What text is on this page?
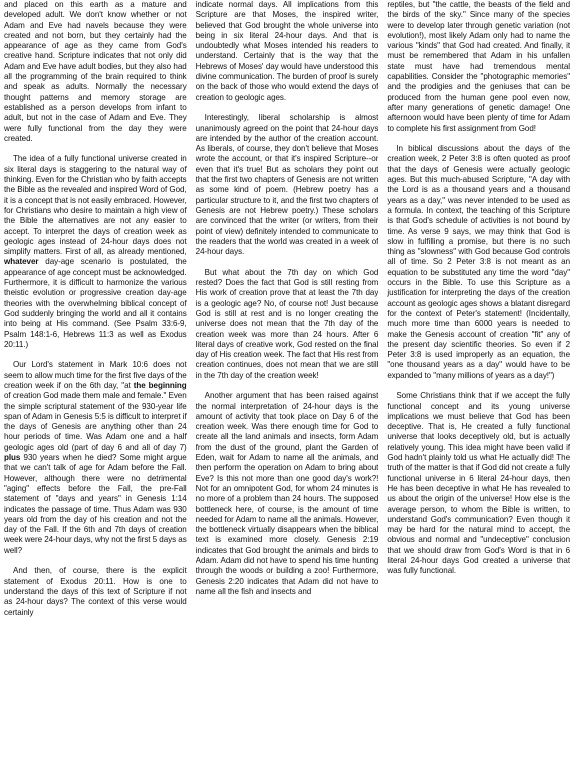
and placed on this earth as a mature and developed adult. We don't know whether or not Adam and Eve had navels because they were created and not born, but they certainly had the appearance of age as they came from God's creative hand. Scripture indicates that not only did Adam and Eve have adult bodies, but they also had all the programming of the brain required to think and speak as adults. Normally the necessary thought patterns and memory storage are established as a person develops from infant to adult, but not in the case of Adam and Eve. They were fully functional from the day they were created.

The idea of a fully functional universe created in six literal days is staggering to the natural way of thinking. Even for the Christian who by faith accepts the Bible as the revealed and inspired Word of God, it is a concept that is not easily embraced. However, for Christians who desire to maintain a high view of the Bible the alternatives are not any easier to accept. To interpret the days of creation week as geologic ages instead of 24-hour days does not simplify matters. First of all, as already mentioned, whatever day-age scenario is postulated, the appearance of age concept must be acknowledged. Furthermore, it is difficult to harmonize the various theistic evolution or progressive creation day-age theories with the overwhelming biblical concept of God suddenly bringing the world and all it contains into being at His command. (See Psalm 33:6-9, Psalm 148:1-6, Hebrews 11:3 as well as Exodus 20:11.)

Our Lord's statement in Mark 10:6 does not seem to allow much time for the first five days of the creation week if on the 6th day, "at the beginning of creation God made them male and female." Even the simple scriptural statement of the 930-year life span of Adam in Genesis 5:5 is difficult to interpret if the days of Genesis are anything other than 24 hour periods of time. Was Adam one and a half geologic ages old (part of day 6 and all of day 7) plus 930 years when he died? Some might argue that we can't talk of age for Adam before the Fall. However, although there were no detrimental "aging" effects before the Fall, the pre-Fall statement of "days and years" in Genesis 1:14 indicates the passage of time. Thus Adam was 930 years old from the day of his creation and not the day of the Fall. If the 6th and 7th days of creation week were 24-hour days, why not the first 5 days as well?

And then, of course, there is the explicit statement of Exodus 20:11. How is one to understand the days of this text of Scripture if not as 24-hour days? The context of this verse would certainly

indicate normal days. All implications from this Scripture are that Moses, the inspired writer, believed that God brought the whole universe into being in six literal 24-hour days. And that is undoubtedly what Moses intended his readers to understand. Certainly that is the way that the Hebrews of Moses' day would have understood this divine communication. The burden of proof is surely on the back of those who would extend the days of creation to geologic ages.

Interestingly, liberal scholarship is almost unanimously agreed on the point that 24-hour days are intended by the author of the creation account. As liberals, of course, they don't believe that Moses wrote the account, or that it's inspired Scripture--or even that it's true! But as scholars they point out that the first two chapters of Genesis are not written as some kind of poem. (Hebrew poetry has a particular structure to it, and the first two chapters of Genesis are not Hebrew poetry.) These scholars are convinced that the writer (or writers, from their point of view) definitely intended to communicate to the readers that the world was created in a week of 24-hour days.

But what about the 7th day on which God rested? Does the fact that God is still resting from His work of creation prove that at least the 7th day is a geologic age? No, of course not! Just because God is still at rest and is no longer creating the universe does not mean that the 7th day of the creation week was more than 24 hours. After 6 literal days of creative work, God rested on the final day of His creation week. The fact that His rest from creation continues, does not mean that we are still in the 7th day of the creation week!

Another argument that has been raised against the normal interpretation of 24-hour days is the amount of activity that took place on Day 6 of the creation week. Was there enough time for God to create all the land animals and insects, form Adam from the dust of the ground, plant the Garden of Eden, wait for Adam to name all the animals, and then perform the operation on Adam to bring about Eve? Is this not more than one good day's work?! Not for an omnipotent God, for whom 24 minutes is no more of a problem than 24 hours. The supposed bottleneck here, of course, is the amount of time needed for Adam to name all the animals. However, the bottleneck virtually disappears when the biblical text is examined more closely. Genesis 2:19 indicates that God brought the animals and birds to Adam. Adam did not have to spend his time hunting through the woods or building a zoo! Furthermore, Genesis 2:20 indicates that Adam did not have to name all the fish and insects and

reptiles, but "the cattle, the beasts of the field and the birds of the sky." Since many of the species were to develop later through genetic variation (not evolution!), most likely Adam only had to name the various "kinds" that God had created. And finally, it must be remembered that Adam in his unfallen state must have had tremendous mental capabilities. Consider the "photographic memories" and the prodigies and the geniuses that can be produced from the human gene pool even now, after many generations of genetic damage! One afternoon would have been plenty of time for Adam to complete his first assignment from God!

In biblical discussions about the days of the creation week, 2 Peter 3:8 is often quoted as proof that the days of Genesis were actually geologic ages. But this much-abused Scripture, "A day with the Lord is as a thousand years and a thousand years as a day," was never intended to be used as a formula. In context, the teaching of this Scripture is that God's schedule of activities is not bound by time. As verse 9 says, we may think that God is slow in fulfilling a promise, but there is no such thing as "slowness" with God because God controls all of time. So 2 Peter 3:8 is not meant as an equation to be substituted any time the word "day" occurs in the Bible. To use this Scripture as a justification for interpreting the days of the creation account as geologic ages shows a blatant disregard for the context of Peter's statement! (Incidentally, much more time than 6000 years is needed to make the Genesis account of creation "fit" any of the present day scientific theories. So even if 2 Peter 3:8 is used improperly as an equation, the "one thousand years as a day" would have to be expanded to "many millions of years as a day!")

Some Christians think that if we accept the fully functional concept and its young universe implications we must believe that God has been deceptive. That is, He created a fully functional universe that looks deceptively old, but is actually relatively young. This idea might have been valid if God hadn't plainly told us what He actually did! The truth of the matter is that if God did not create a fully functional universe in 6 literal 24-hour days, then He has been deceptive in what He has revealed to us about the origin of the universe! How else is the average person, to whom the Bible is written, to understand God's communication? Even though it may be hard for the natural mind to accept, the obvious and normal and "undeceptive" conclusion that we should draw from God's Word is that in 6 literal 24-hour days God created a universe that was fully functional.
